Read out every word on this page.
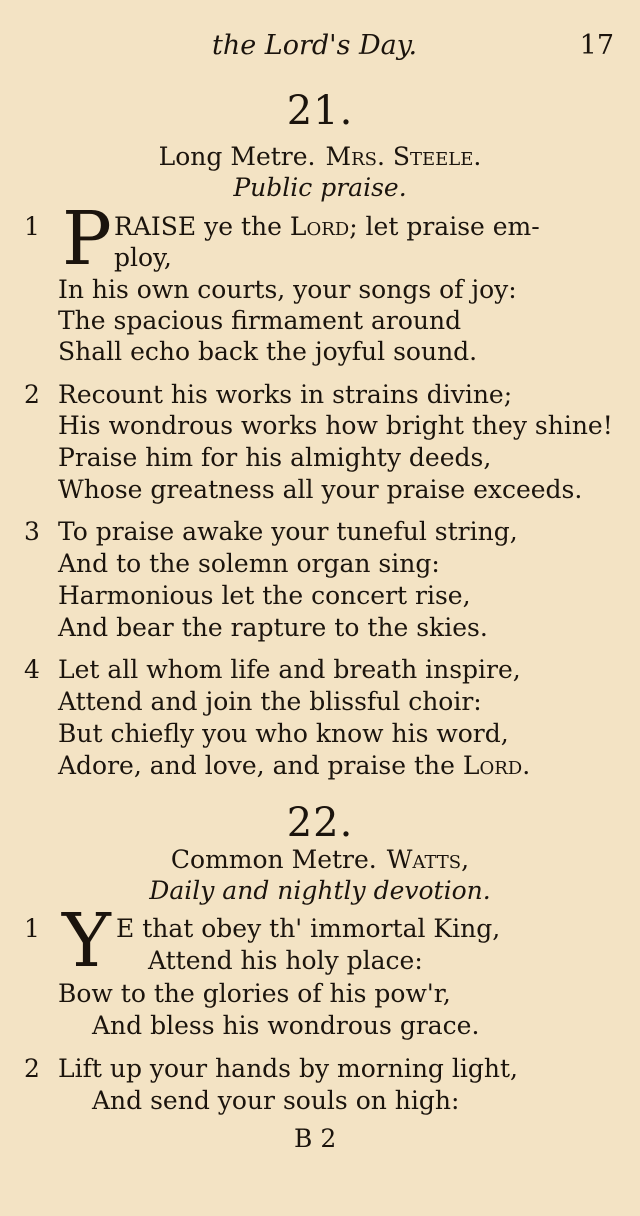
the Lord's Day.	17
21.
Long Metre. Mrs. Steele.
Public praise.
1 P RAISE ye the Lord; let praise em-
ploy,
In his own courts, your songs of joy:
The spacious firmament around
Shall echo back the joyful sound.
2 Recount his works in strains divine;
His wondrous works how bright they shine!
Praise him for his almighty deeds,
Whose greatness all your praise exceeds.
3 To praise awake your tuneful string,
And to the solemn organ sing:
Harmonious let the concert rise,
And bear the rapture to the skies.
4 Let all whom life and breath inspire,
Attend and join the blissful choir:
But chiefly you who know his word,
Adore, and love, and praise the Lord.
22.
Common Metre. Watts,
Daily and nightly devotion.
1 Y E that obey th' immortal King,
Attend his holy place:
Bow to the glories of his pow'r,
And bless his wondrous grace.
2 Lift up your hands by morning light,
And send your souls on high:
B 2
